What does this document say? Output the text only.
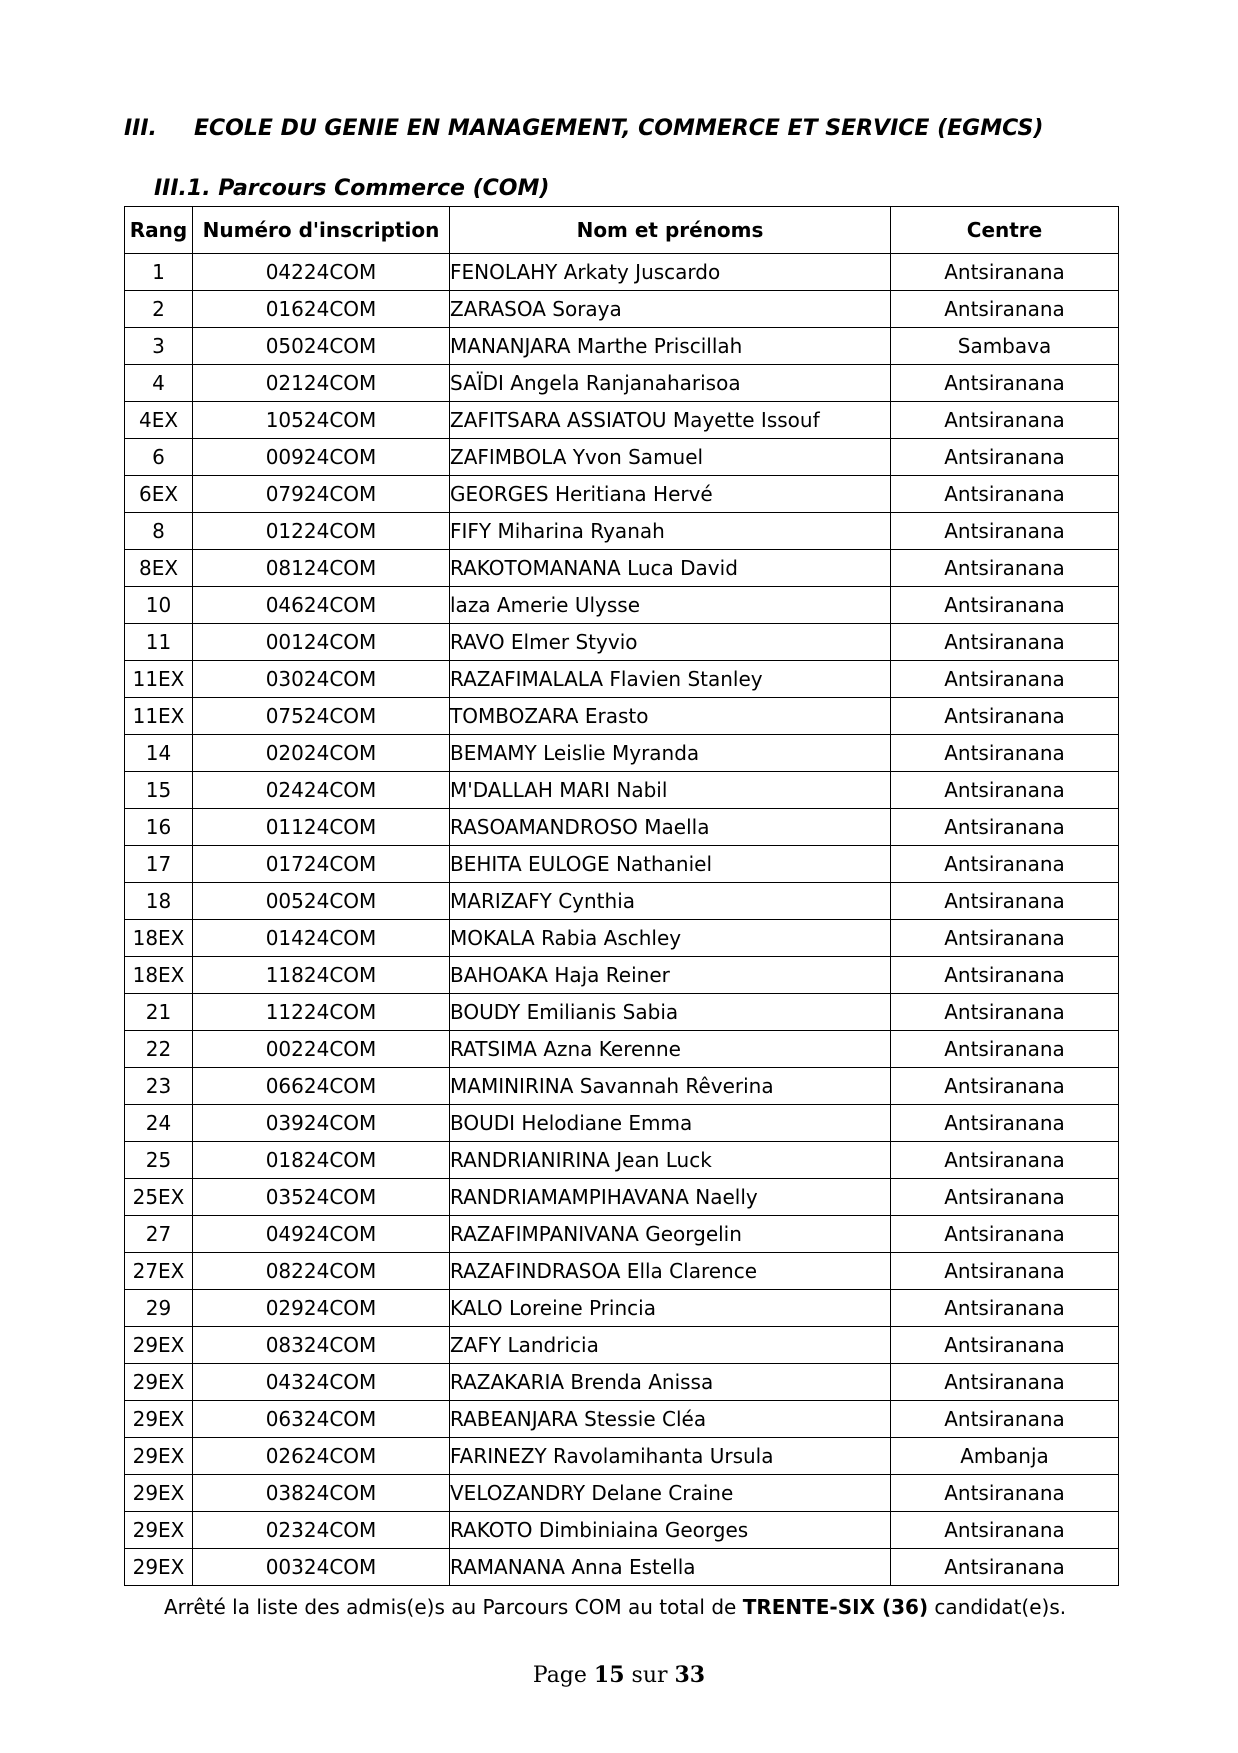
III. ECOLE DU GENIE EN MANAGEMENT, COMMERCE ET SERVICE (EGMCS)
III.1. Parcours Commerce (COM)
Rang	Numéro d'inscription	Nom et prénoms	Centre
1	04224COM	FENOLAHY Arkaty Juscardo	Antsiranana
2	01624COM	ZARASOA Soraya	Antsiranana
3	05024COM	MANANJARA Marthe Priscillah	Sambava
4	02124COM	SAÏDI Angela Ranjanaharisoa	Antsiranana
4EX	10524COM	ZAFITSARA ASSIATOU Mayette Issouf	Antsiranana
6	00924COM	ZAFIMBOLA Yvon Samuel	Antsiranana
6EX	07924COM	GEORGES Heritiana Hervé	Antsiranana
8	01224COM	FIFY Miharina Ryanah	Antsiranana
8EX	08124COM	RAKOTOMANANA Luca David	Antsiranana
10	04624COM	laza Amerie Ulysse	Antsiranana
11	00124COM	RAVO Elmer Styvio	Antsiranana
11EX	03024COM	RAZAFIMALALA Flavien Stanley	Antsiranana
11EX	07524COM	TOMBOZARA Erasto	Antsiranana
14	02024COM	BEMAMY Leislie Myranda	Antsiranana
15	02424COM	M'DALLAH MARI Nabil	Antsiranana
16	01124COM	RASOAMANDROSO Maella	Antsiranana
17	01724COM	BEHITA EULOGE Nathaniel	Antsiranana
18	00524COM	MARIZAFY Cynthia	Antsiranana
18EX	01424COM	MOKALA Rabia Aschley	Antsiranana
18EX	11824COM	BAHOAKA Haja Reiner	Antsiranana
21	11224COM	BOUDY Emilianis Sabia	Antsiranana
22	00224COM	RATSIMA Azna Kerenne	Antsiranana
23	06624COM	MAMINIRINA Savannah Rêverina	Antsiranana
24	03924COM	BOUDI Helodiane Emma	Antsiranana
25	01824COM	RANDRIANIRINA Jean Luck	Antsiranana
25EX	03524COM	RANDRIAMAMPIHAVANA Naelly	Antsiranana
27	04924COM	RAZAFIMPANIVANA Georgelin	Antsiranana
27EX	08224COM	RAZAFINDRASOA Ella Clarence	Antsiranana
29	02924COM	KALO Loreine Princia	Antsiranana
29EX	08324COM	ZAFY Landricia	Antsiranana
29EX	04324COM	RAZAKARIA Brenda Anissa	Antsiranana
29EX	06324COM	RABEANJARA Stessie Cléa	Antsiranana
29EX	02624COM	FARINEZY Ravolamihanta Ursula	Ambanja
29EX	03824COM	VELOZANDRY Delane Craine	Antsiranana
29EX	02324COM	RAKOTO Dimbiniaina Georges	Antsiranana
29EX	00324COM	RAMANANA Anna Estella	Antsiranana
Arrêté la liste des admis(e)s au Parcours COM au total de TRENTE-SIX (36) candidat(e)s.
Page 15 sur 33
